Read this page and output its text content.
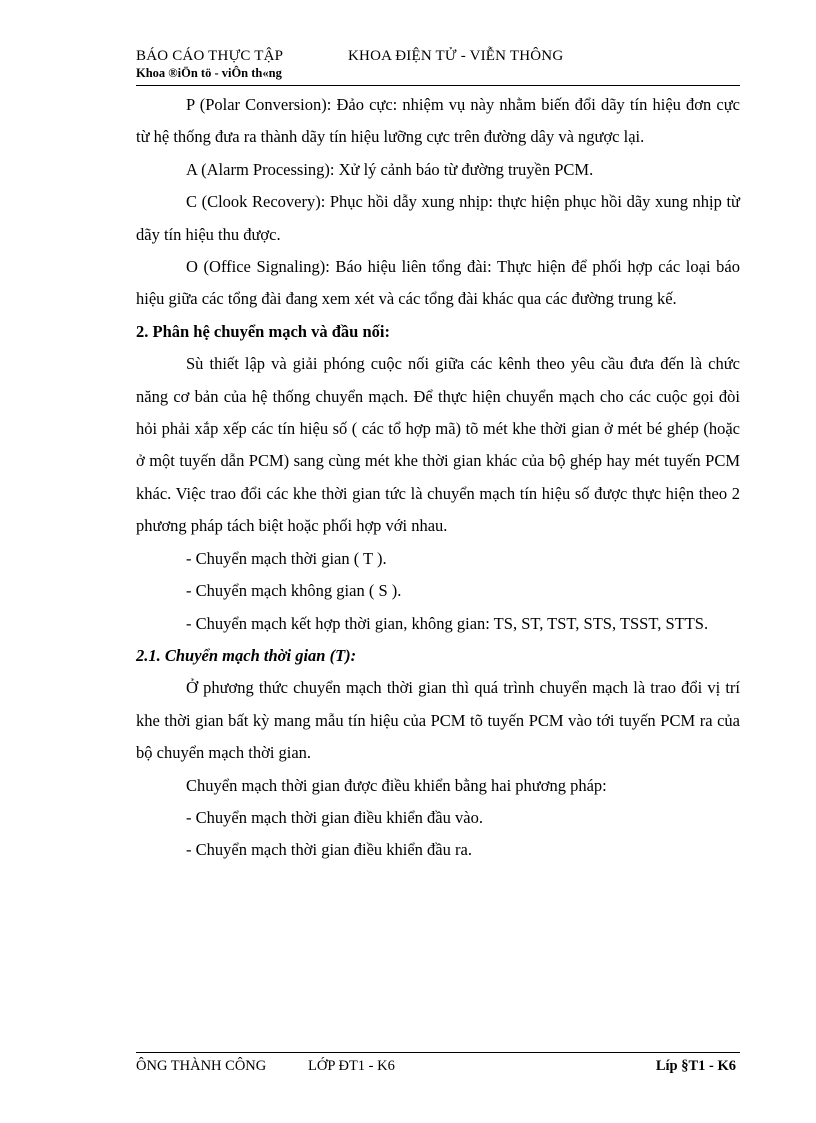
BÁO CÁO THỰC TẬP	KHOA ĐIỆN TỬ - VIỄN THÔNG
Khoa ®iÖn tö - viÔn th«ng

P (Polar Conversion): Đảo cực: nhiệm vụ này nhằm biến đổi dãy tín hiệu đơn cực từ hệ thống đưa ra thành dãy tín hiệu lưỡng cực trên đường dây và ngược lại.

A (Alarm Processing): Xử lý cảnh báo từ đường truyền PCM.

C (Clook Recovery): Phục hồi dẫy xung nhịp: thực hiện phục hồi dãy xung nhịp từ dãy tín hiệu thu được.

O (Office Signaling): Báo hiệu liên tổng đài: Thực hiện để phối hợp các loại báo hiệu giữa các tổng đài đang xem xét và các tổng đài khác qua các đường trung kế.

2. Phân hệ chuyển mạch và đầu nối:

Sù thiết lập và giải phóng cuộc nối giữa các kênh theo yêu cầu đưa đến là chức năng cơ bản của hệ thống chuyển mạch. Để thực hiện chuyển mạch cho các cuộc gọi đòi hỏi phải xắp xếp các tín hiệu số ( các tổ hợp mã) tõ mét khe thời gian ở mét bé ghép (hoặc ở một tuyến dẫn PCM) sang cùng mét khe thời gian khác của bộ ghép hay mét tuyến PCM khác. Việc trao đổi các khe thời gian tức là chuyển mạch tín hiệu số được thực hiện theo 2 phương pháp tách biệt hoặc phối hợp với nhau.

- Chuyển mạch thời gian ( T ).

- Chuyển mạch không gian ( S ).

- Chuyển mạch kết hợp thời gian, không gian: TS, ST, TST, STS, TSST, STTS.

2.1. Chuyển mạch thời gian (T):

Ở phương thức chuyển mạch thời gian thì quá trình chuyển mạch là trao đổi vị trí khe thời gian bất kỳ mang mẫu tín hiệu của PCM tõ tuyến PCM vào tới tuyến PCM ra của bộ chuyển mạch thời gian.

Chuyển mạch thời gian được điều khiển bằng hai phương pháp:

- Chuyển mạch thời gian điều khiển đầu vào.

- Chuyển mạch thời gian điều khiển đầu ra.

ÔNG THÀNH CÔNG	LỚP ĐT1 - K6	Líp §T1 - K6
